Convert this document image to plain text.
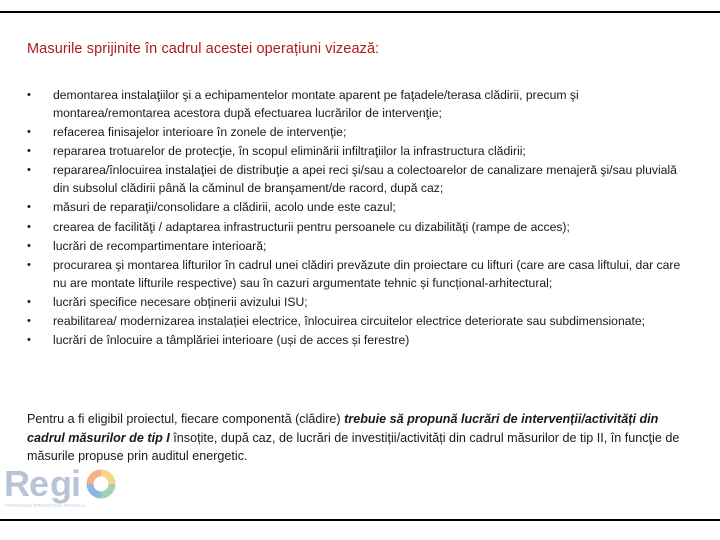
Masurile sprijinite în cadrul acestei operațiuni vizează:
• demontarea instalaţiilor şi a echipamentelor montate aparent pe faţadele/terasa clădirii, precum şi montarea/remontarea acestora după efectuarea lucrărilor de intervenţie;
• refacerea finisajelor interioare în zonele de intervenţie;
• repararea trotuarelor de protecţie, în scopul eliminării infiltraţiilor la infrastructura clădirii;
• repararea/înlocuirea instalaţiei de distribuţie a apei reci şi/sau a colectoarelor de canalizare menajeră şi/sau pluvială din subsolul clădirii până la căminul de branşament/de racord, după caz;
• măsuri de reparaţii/consolidare a clădirii, acolo unde este cazul;
• crearea de facilităţi / adaptarea infrastructurii pentru persoanele cu dizabilităţi (rampe de acces);
• lucrări de recompartimentare interioară;
• procurarea şi montarea lifturilor în cadrul unei clădiri prevăzute din proiectare cu lifturi (care are casa liftului, dar care nu are montate lifturile respective) sau în cazuri argumentate tehnic și funcțional-arhitectural;
• lucrări specifice necesare obținerii avizului ISU;
• reabilitarea/ modernizarea instalației electrice, înlocuirea circuitelor electrice deteriorate sau subdimensionate;
• lucrări de înlocuire a tâmplăriei interioare (uși de acces și ferestre)
Pentru a fi eligibil proiectul, fiecare componentă (clădire) trebuie să propună lucrări de intervenții/activități din cadrul măsurilor de tip I însoțite, după caz, de lucrări de investiții/activități din cadrul măsurilor de tip II, în funcţie de măsurile propuse prin auditul energetic.
R e g i
PROGRAMUL OPERAȚIONAL REGIONAL
